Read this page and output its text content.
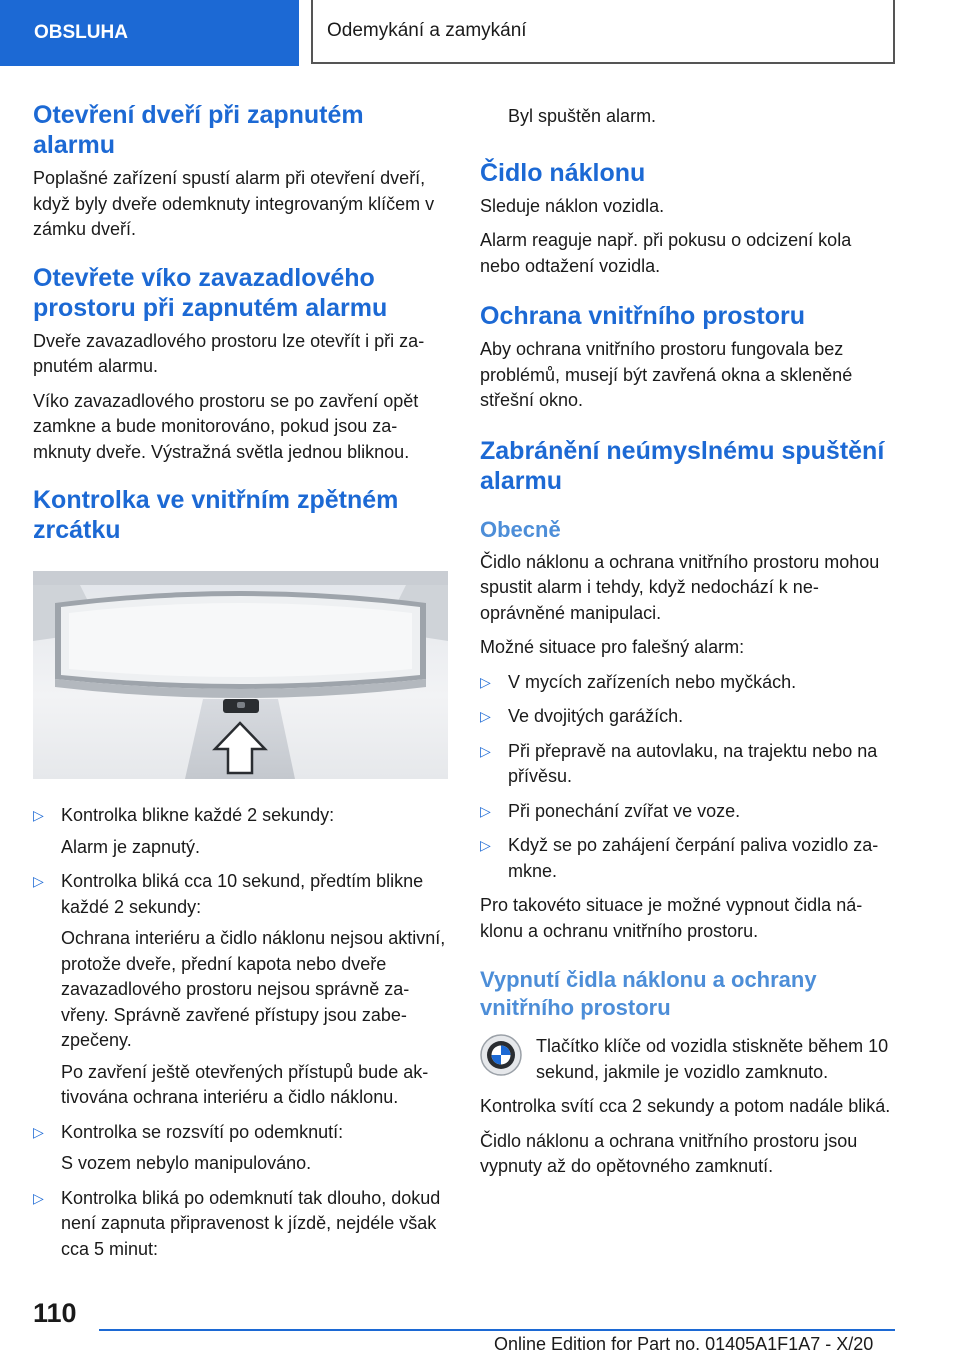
OBSLUHA	Odemykání a zamykání
Otevření dveří při zapnutém alarmu

Poplašné zařízení spustí alarm při otevření dveří, když byly dveře odemknuty integrovaným klíčem v zámku dveří.

Otevřete víko zavazadlového prostoru při zapnutém alarmu

Dveře zavazadlového prostoru lze otevřít i při zapnutém alarmu.

Víko zavazadlového prostoru se po zavření opět zamkne a bude monitorováno, pokud jsou zamknuty dveře. Výstražná světla jednou bliknou.

Kontrolka ve vnitřním zpětném zrcátku
▷ Kontrolka blikne každé 2 sekundy:

Alarm je zapnutý.

▷ Kontrolka bliká cca 10 sekund, předtím blikne každé 2 sekundy:

Ochrana interiéru a čidlo náklonu nejsou aktivní, protože dveře, přední kapota nebo dveře zavazadlového prostoru nejsou správně zavřeny. Správně zavřené přístupy jsou zabezpečeny.

Po zavření ještě otevřených přístupů bude aktivována ochrana interiéru a čidlo náklonu.

▷ Kontrolka se rozsvítí po odemknutí:

S vozem nebylo manipulováno.

▷ Kontrolka bliká po odemknutí tak dlouho, dokud není zapnuta připravenost k jízdě, nejdéle však cca 5 minut:

Byl spuštěn alarm.

Čidlo náklonu

Sleduje náklon vozidla.

Alarm reaguje např. při pokusu o odcizení kola nebo odtažení vozidla.

Ochrana vnitřního prostoru

Aby ochrana vnitřního prostoru fungovala bez problémů, musejí být zavřená okna a skleněné střešní okno.

Zabránění neúmyslnému spuštění alarmu
Obecně

Čidlo náklonu a ochrana vnitřního prostoru mohou spustit alarm i tehdy, když nedochází k neoprávněné manipulaci.

Možné situace pro falešný alarm:

▷ V mycích zařízeních nebo myčkách.
▷ Ve dvojitých garážích.
▷ Při přepravě na autovlaku, na trajektu nebo na přívěsu.
▷ Při ponechání zvířat ve voze.
▷ Když se po zahájení čerpání paliva vozidlo zamkne.

Pro takovéto situace je možné vypnout čidla náklonu a ochranu vnitřního prostoru.

Vypnutí čidla náklonu a ochrany vnitřního prostoru

Tlačítko klíče od vozidla stiskněte během 10 sekund, jakmile je vozidlo zamknuto.

Kontrolka svítí cca 2 sekundy a potom nadále bliká.

Čidlo náklonu a ochrana vnitřního prostoru jsou vypnuty až do opětovného zamknutí.

110
Online Edition for Part no. 01405A1F1A7 - X/20
